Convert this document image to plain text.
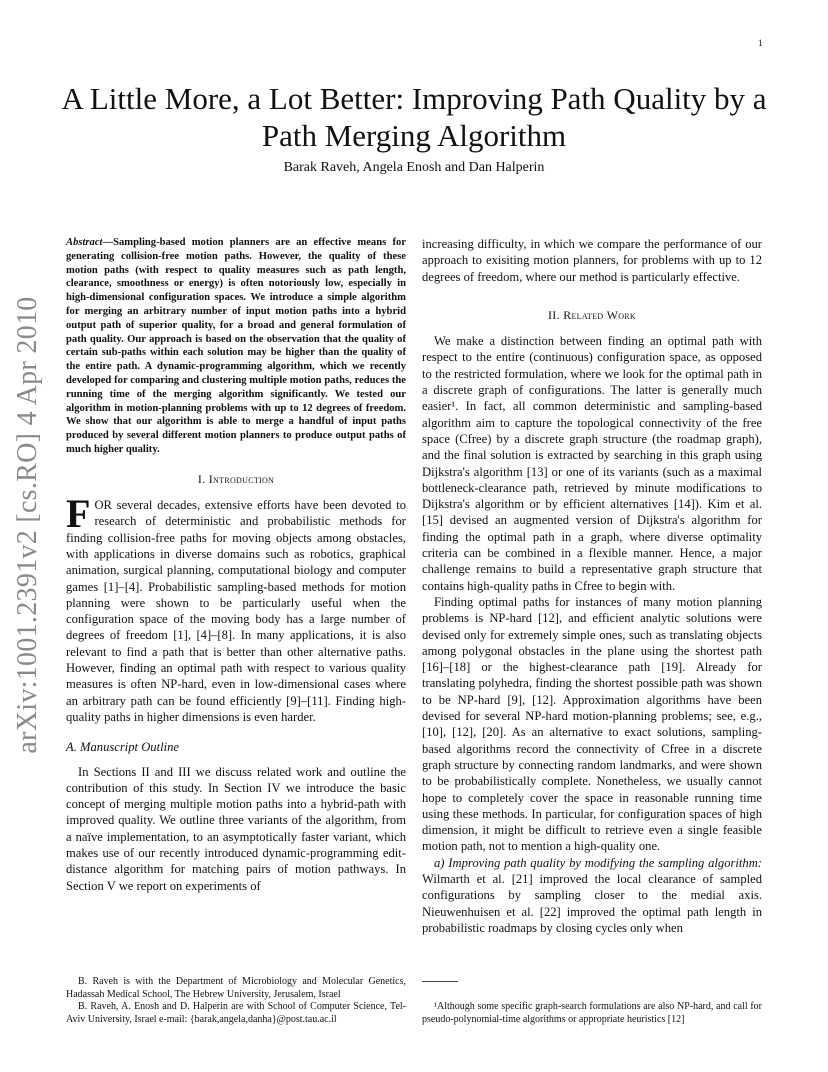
1
arXiv:1001.2391v2 [cs.RO] 4 Apr 2010
A Little More, a Lot Better: Improving Path Quality by a Path Merging Algorithm
Barak Raveh, Angela Enosh and Dan Halperin
Abstract—Sampling-based motion planners are an effective means for generating collision-free motion paths. However, the quality of these motion paths (with respect to quality measures such as path length, clearance, smoothness or energy) is often notoriously low, especially in high-dimensional configuration spaces. We introduce a simple algorithm for merging an arbitrary number of input motion paths into a hybrid output path of superior quality, for a broad and general formulation of path quality. Our approach is based on the observation that the quality of certain sub-paths within each solution may be higher than the quality of the entire path. A dynamic-programming algorithm, which we recently developed for comparing and clustering multiple motion paths, reduces the running time of the merging algorithm significantly. We tested our algorithm in motion-planning problems with up to 12 degrees of freedom. We show that our algorithm is able to merge a handful of input paths produced by several different motion planners to produce output paths of much higher quality.
I. Introduction

FOR several decades, extensive efforts have been devoted to research of deterministic and probabilistic methods for finding collision-free paths for moving objects among obstacles, with applications in diverse domains such as robotics, graphical animation, surgical planning, computational biology and computer games [1]–[4]. Probabilistic sampling-based methods for motion planning were shown to be particularly useful when the configuration space of the moving body has a large number of degrees of freedom [1], [4]–[8]. In many applications, it is also relevant to find a path that is better than other alternative paths. However, finding an optimal path with respect to various quality measures is often NP-hard, even in low-dimensional cases where an arbitrary path can be found efficiently [9]–[11]. Finding high-quality paths in higher dimensions is even harder.

A. Manuscript Outline

In Sections II and III we discuss related work and outline the contribution of this study. In Section IV we introduce the basic concept of merging multiple motion paths into a hybrid-path with improved quality. We outline three variants of the algorithm, from a naïve implementation, to an asymptotically faster variant, which makes use of our recently introduced dynamic-programming edit-distance algorithm for matching pairs of motion pathways. In Section V we report on experiments of

increasing difficulty, in which we compare the performance of our approach to exisiting motion planners, for problems with up to 12 degrees of freedom, where our method is particularly effective.

II. Related Work

We make a distinction between finding an optimal path with respect to the entire (continuous) configuration space, as opposed to the restricted formulation, where we look for the optimal path in a discrete graph of configurations. The latter is generally much easier¹. In fact, all common deterministic and sampling-based algorithm aim to capture the topological connectivity of the free space (Cfree) by a discrete graph structure (the roadmap graph), and the final solution is extracted by searching in this graph using Dijkstra's algorithm [13] or one of its variants (such as a maximal bottleneck-clearance path, retrieved by minute modifications to Dijkstra's algorithm or by efficient alternatives [14]). Kim et al. [15] devised an augmented version of Dijkstra's algorithm for finding the optimal path in a graph, where diverse optimality criteria can be combined in a flexible manner. Hence, a major challenge remains to build a representative graph structure that contains high-quality paths in Cfree to begin with.

Finding optimal paths for instances of many motion planning problems is NP-hard [12], and efficient analytic solutions were devised only for extremely simple ones, such as translating objects among polygonal obstacles in the plane using the shortest path [16]–[18] or the highest-clearance path [19]. Already for translating polyhedra, finding the shortest possible path was shown to be NP-hard [9], [12]. Approximation algorithms have been devised for several NP-hard motion-planning problems; see, e.g., [10], [12], [20]. As an alternative to exact solutions, sampling-based algorithms record the connectivity of Cfree in a discrete graph structure by connecting random landmarks, and were shown to be probabilistically complete. Nonetheless, we usually cannot hope to completely cover the space in reasonable running time using these methods. In particular, for configuration spaces of high dimension, it might be difficult to retrieve even a single feasible motion path, not to mention a high-quality one.

a) Improving path quality by modifying the sampling algorithm: Wilmarth et al. [21] improved the local clearance of sampled configurations by sampling closer to the medial axis. Nieuwenhuisen et al. [22] improved the optimal path length in probabilistic roadmaps by closing cycles only when

B. Raveh is with the Department of Microbiology and Molecular Genetics, Hadassah Medical School, The Hebrew University, Jerusalem, Israel

B. Raveh, A. Enosh and D. Halperin are with School of Computer Science, Tel-Aviv University, Israel e-mail: {barak,angela,danha}@post.tau.ac.il

¹Although some specific graph-search formulations are also NP-hard, and call for pseudo-polynomial-time algorithms or appropriate heuristics [12]
